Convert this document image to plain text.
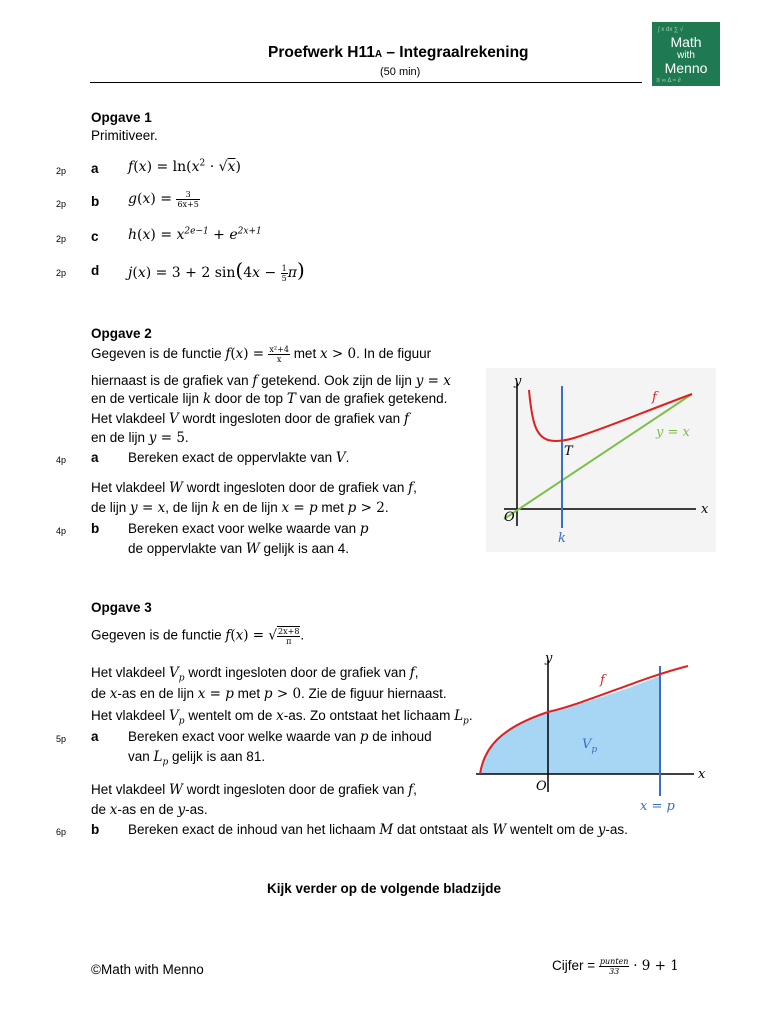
Proefwerk H11A – Integraalrekening
(50 min)
∫ x dx ∑ √
π ∞ Δ ≈ ∂
Math
with
Menno
Opgave 1
Primitiveer.
2p a $f(x) = \ln(x^2 \cdot √x)$
2p b $g(x) = \frac{3}{6x+5}$
2p c $h(x) = x^{2e-1} + e^{2x+1}$
2p d j(x) = 3 + 2 $\sin(4x - \frac{1}{5} \pi)$
Opgave 2
Gegeven is de functie $f(x) = \frac{\text{x²+4}}{x}$ met x > 0. In de figuur
hiernaast is de grafiek van f getekend. Ook zijn de lijn y = x
en de verticale lijn k door de top T van de grafiek getekend.
Het vlakdeel V wordt ingesloten door de grafiek van f
en de lijn y = 5.
4p a Bereken exact de oppervlakte van V.
Het vlakdeel W wordt ingesloten door de grafiek van f,
de lijn y = x, de lijn k en de lijn x = p met p > 2.
4p b Bereken exact voor welke waarde van p
de oppervlakte van W gelijk is aan 4.
y
x
f
y = x
T
O
k
Opgave 3
Gegeven is de functie f(x) = √ $\frac{2x+8}{\pi}$ .
Het vlakdeel $V_p$ wordt ingesloten door de grafiek van f,
de x-as en de lijn x = p met p > 0. Zie de figuur hiernaast.
Het vlakdeel $V_p$ wentelt om de x-as. Zo ontstaat het lichaam $L_p$.
5p a Bereken exact voor welke waarde van p de inhoud
van $L_p$ gelijk is aan 81.
Het vlakdeel W wordt ingesloten door de grafiek van f,
de x-as en de y-as.
6p b Bereken exact de inhoud van het lichaam M dat ontstaat als W wentelt om de y-as.
y
x
f
$V_p$
O
x = p
Kijk verder op de volgende bladzijde
©Math with Menno	Cijfer = $\frac{\text{punten}}{33} \cdot 9 + 1$
